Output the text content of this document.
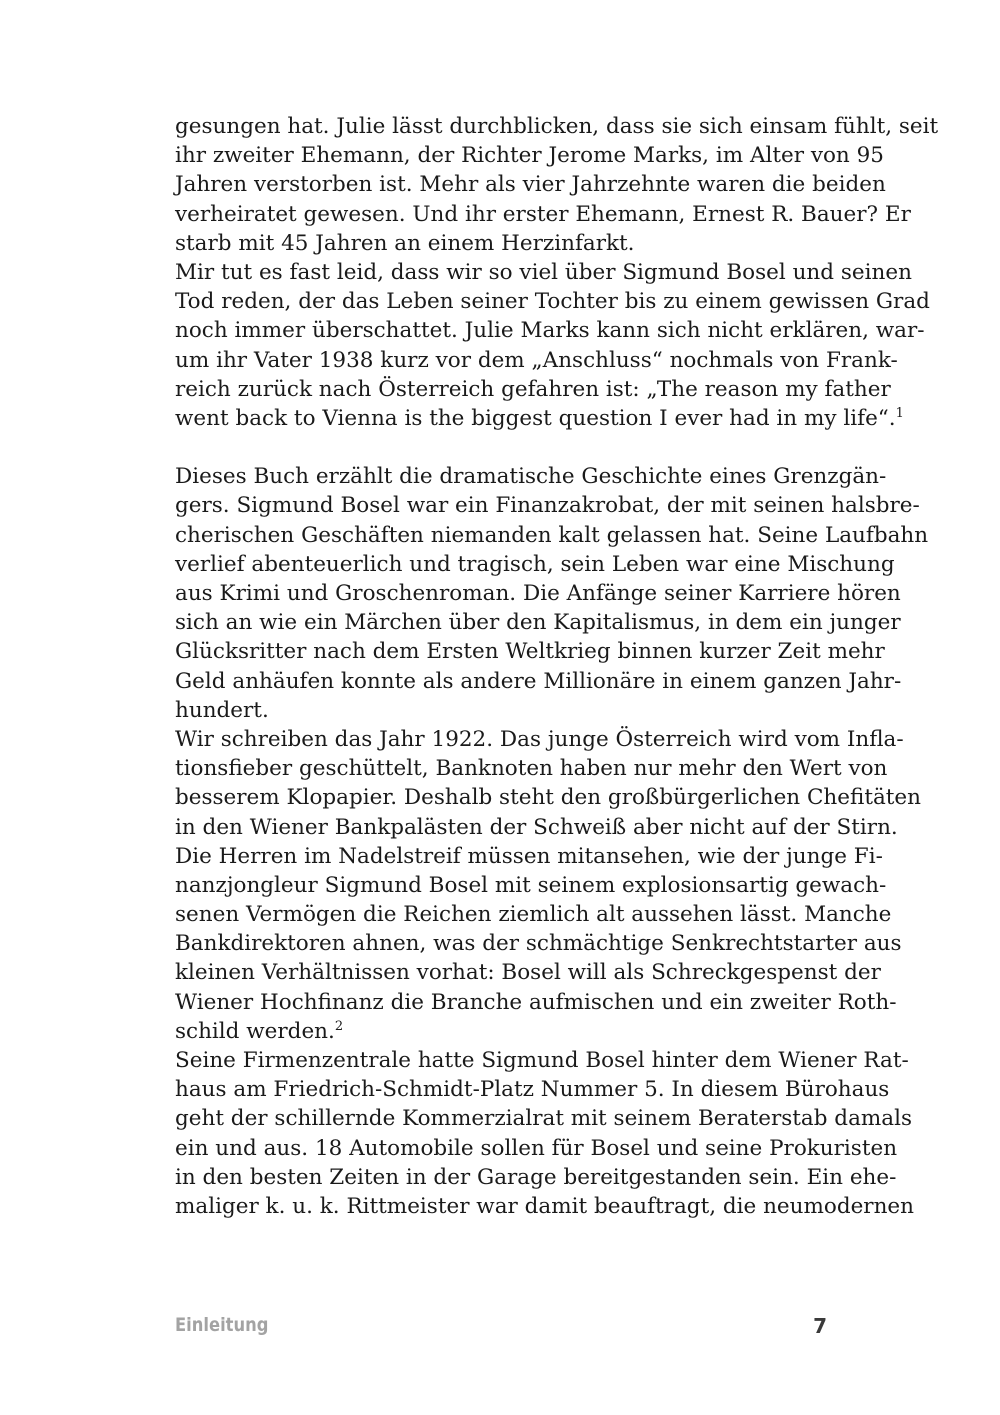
gesungen hat. Julie lässt durchblicken, dass sie sich einsam fühlt, seit
ihr zweiter Ehemann, der Richter Jerome Marks, im Alter von 95
Jahren verstorben ist. Mehr als vier Jahrzehnte waren die beiden
verheiratet gewesen. Und ihr erster Ehemann, Ernest R. Bauer? Er
starb mit 45 Jahren an einem Herzinfarkt.
Mir tut es fast leid, dass wir so viel über Sigmund Bosel und seinen
Tod reden, der das Leben seiner Tochter bis zu einem gewissen Grad
noch immer überschattet. Julie Marks kann sich nicht erklären, war-
um ihr Vater 1938 kurz vor dem „Anschluss“ nochmals von Frank-
reich zurück nach Österreich gefahren ist: „The reason my father
went back to Vienna is the biggest question I ever had in my life“.$^1$
Dieses Buch erzählt die dramatische Geschichte eines Grenzgän-
gers. Sigmund Bosel war ein Finanzakrobat, der mit seinen halsbre-
cherischen Geschäften niemanden kalt gelassen hat. Seine Laufbahn
verlief abenteuerlich und tragisch, sein Leben war eine Mischung
aus Krimi und Groschenroman. Die Anfänge seiner Karriere hören
sich an wie ein Märchen über den Kapitalismus, in dem ein junger
Glücksritter nach dem Ersten Weltkrieg binnen kurzer Zeit mehr
Geld anhäufen konnte als andere Millionäre in einem ganzen Jahr-
hundert.
Wir schreiben das Jahr 1922. Das junge Österreich wird vom Infla-
tionsfieber geschüttelt, Banknoten haben nur mehr den Wert von
besserem Klopapier. Deshalb steht den großbürgerlichen Chefitäten
in den Wiener Bankpalästen der Schweiß aber nicht auf der Stirn.
Die Herren im Nadelstreif müssen mitansehen, wie der junge Fi-
nanzjongleur Sigmund Bosel mit seinem explosionsartig gewach-
senen Vermögen die Reichen ziemlich alt aussehen lässt. Manche
Bankdirektoren ahnen, was der schmächtige Senkrechtstarter aus
kleinen Verhältnissen vorhat: Bosel will als Schreckgespenst der
Wiener Hochfinanz die Branche aufmischen und ein zweiter Roth-
schild werden.$^2$
Seine Firmenzentrale hatte Sigmund Bosel hinter dem Wiener Rat-
haus am Friedrich-Schmidt-Platz Nummer 5. In diesem Bürohaus
geht der schillernde Kommerzialrat mit seinem Beraterstab damals
ein und aus. 18 Automobile sollen für Bosel und seine Prokuristen
in den besten Zeiten in der Garage bereitgestanden sein. Ein ehe-
maliger k. u. k. Rittmeister war damit beauftragt, die neumodernen
Einleitung	7
